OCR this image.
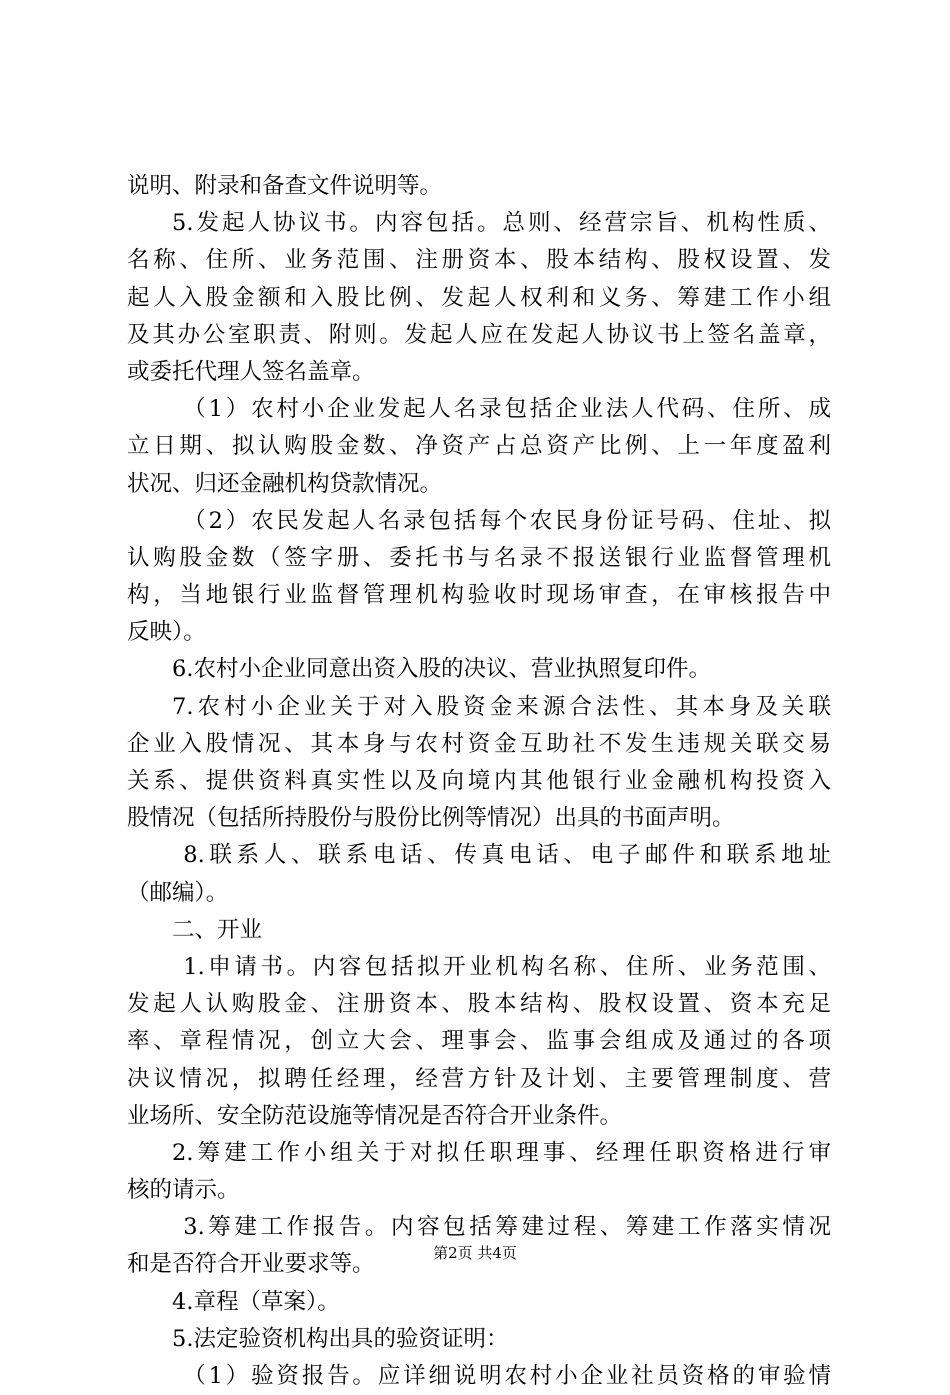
说明、附录和备查文件说明等。
5.发起人协议书。内容包括。总则、经营宗旨、机构性质、
名称、住所、业务范围、注册资本、股本结构、股权设置、发
起人入股金额和入股比例、发起人权利和义务、筹建工作小组
及其办公室职责、附则。发起人应在发起人协议书上签名盖章，
或委托代理人签名盖章。
（1）农村小企业发起人名录包括企业法人代码、住所、成
立日期、拟认购股金数、净资产占总资产比例、上一年度盈利
状况、归还金融机构贷款情况。
（2）农民发起人名录包括每个农民身份证号码、住址、拟
认购股金数（签字册、委托书与名录不报送银行业监督管理机
构，当地银行业监督管理机构验收时现场审查，在审核报告中
反映）。
6.农村小企业同意出资入股的决议、营业执照复印件。
7.农村小企业关于对入股资金来源合法性、其本身及关联
企业入股情况、其本身与农村资金互助社不发生违规关联交易
关系、提供资料真实性以及向境内其他银行业金融机构投资入
股情况（包括所持股份与股份比例等情况）出具的书面声明。
8.联系人、联系电话、传真电话、电子邮件和联系地址
（邮编）。
二、开业
1.申请书。内容包括拟开业机构名称、住所、业务范围、
发起人认购股金、注册资本、股本结构、股权设置、资本充足
率、章程情况，创立大会、理事会、监事会组成及通过的各项
决议情况，拟聘任经理，经营方针及计划、主要管理制度、营
业场所、安全防范设施等情况是否符合开业条件。
2.筹建工作小组关于对拟任职理事、经理任职资格进行审
核的请示。
3.筹建工作报告。内容包括筹建过程、筹建工作落实情况
和是否符合开业要求等。
4.章程（草案）。
5.法定验资机构出具的验资证明：
（1）验资报告。应详细说明农村小企业社员资格的审验情
第2页 共4页
